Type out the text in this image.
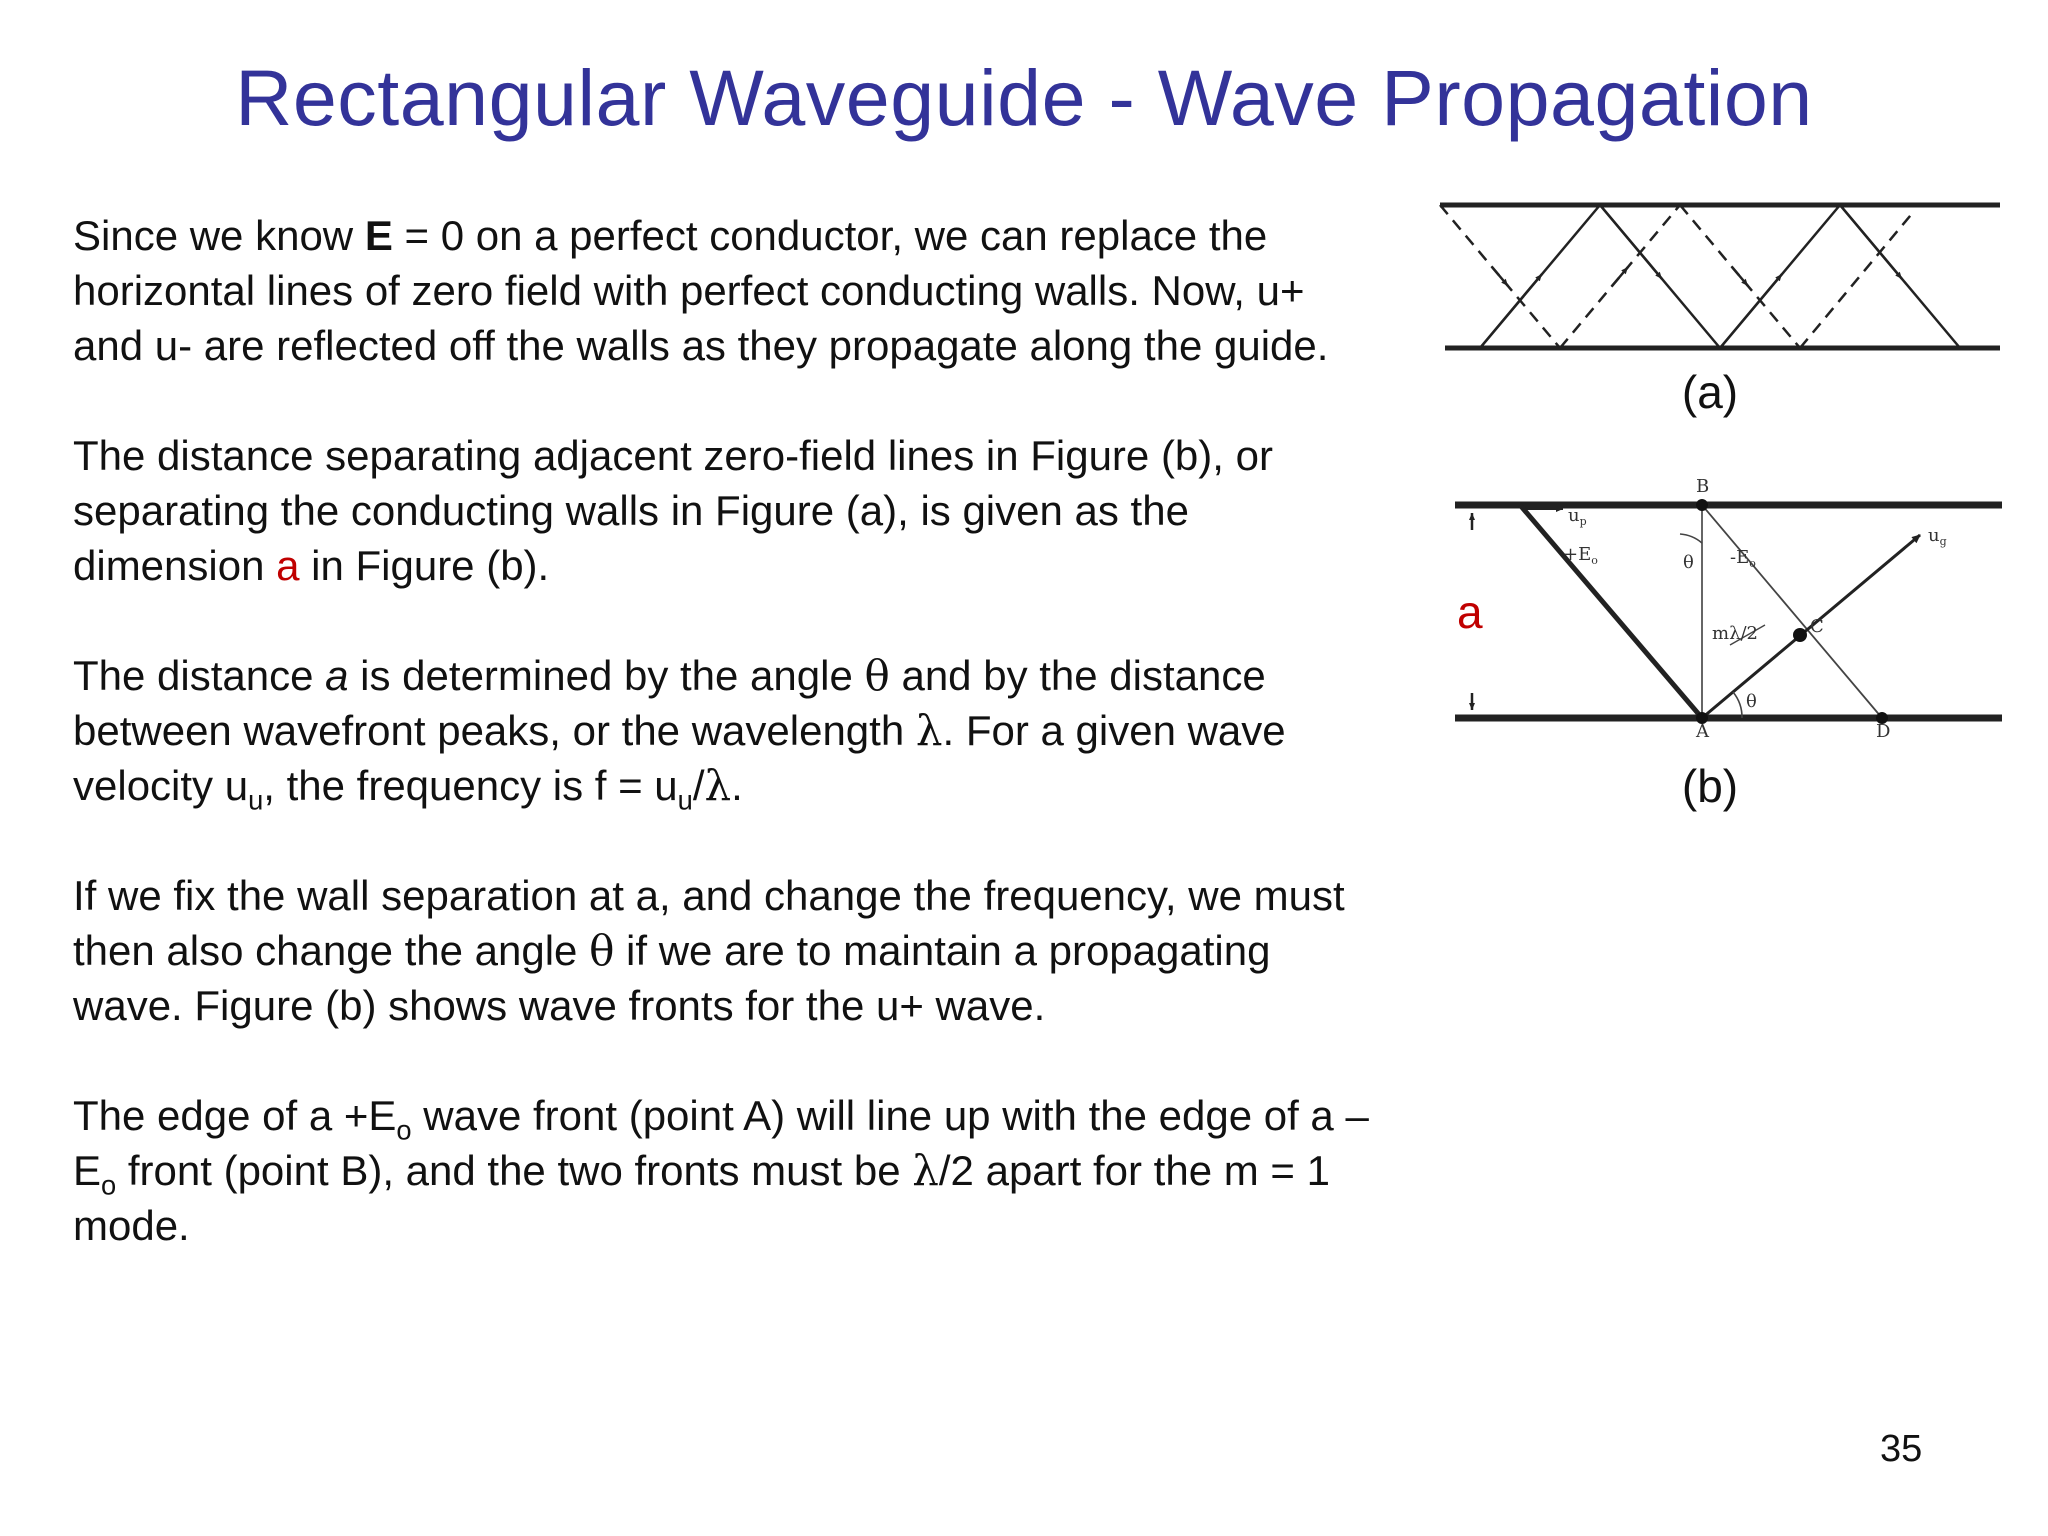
Rectangular Waveguide - Wave Propagation

Since we know E = 0 on a perfect conductor, we can replace the horizontal lines of zero field with perfect conducting walls. Now, u+ and u- are reflected off the walls as they propagate along the guide.

The distance separating adjacent zero-field lines in Figure (b), or separating the conducting walls in Figure (a), is given as the dimension a in Figure (b).

The distance a is determined by the angle θ and by the distance between wavefront peaks, or the wavelength λ. For a given wave velocity $u_u$, the frequency is $f = u_u/\lambda$.

If we fix the wall separation at a, and change the frequency, we must then also change the angle θ if we are to maintain a propagating wave. Figure (b) shows wave fronts for the u+ wave.

The edge of $a +E_o$ wave front (point A) will line up with the edge of a $-E_o$ front (point B), and the two fronts must be λ/2 apart for the m = 1 mode.

(a)
a
B
A
C
D
$u_p$
$+E_o$	$-E_o$
θ
θ
mλ/2
$u_g$
(b)
35
